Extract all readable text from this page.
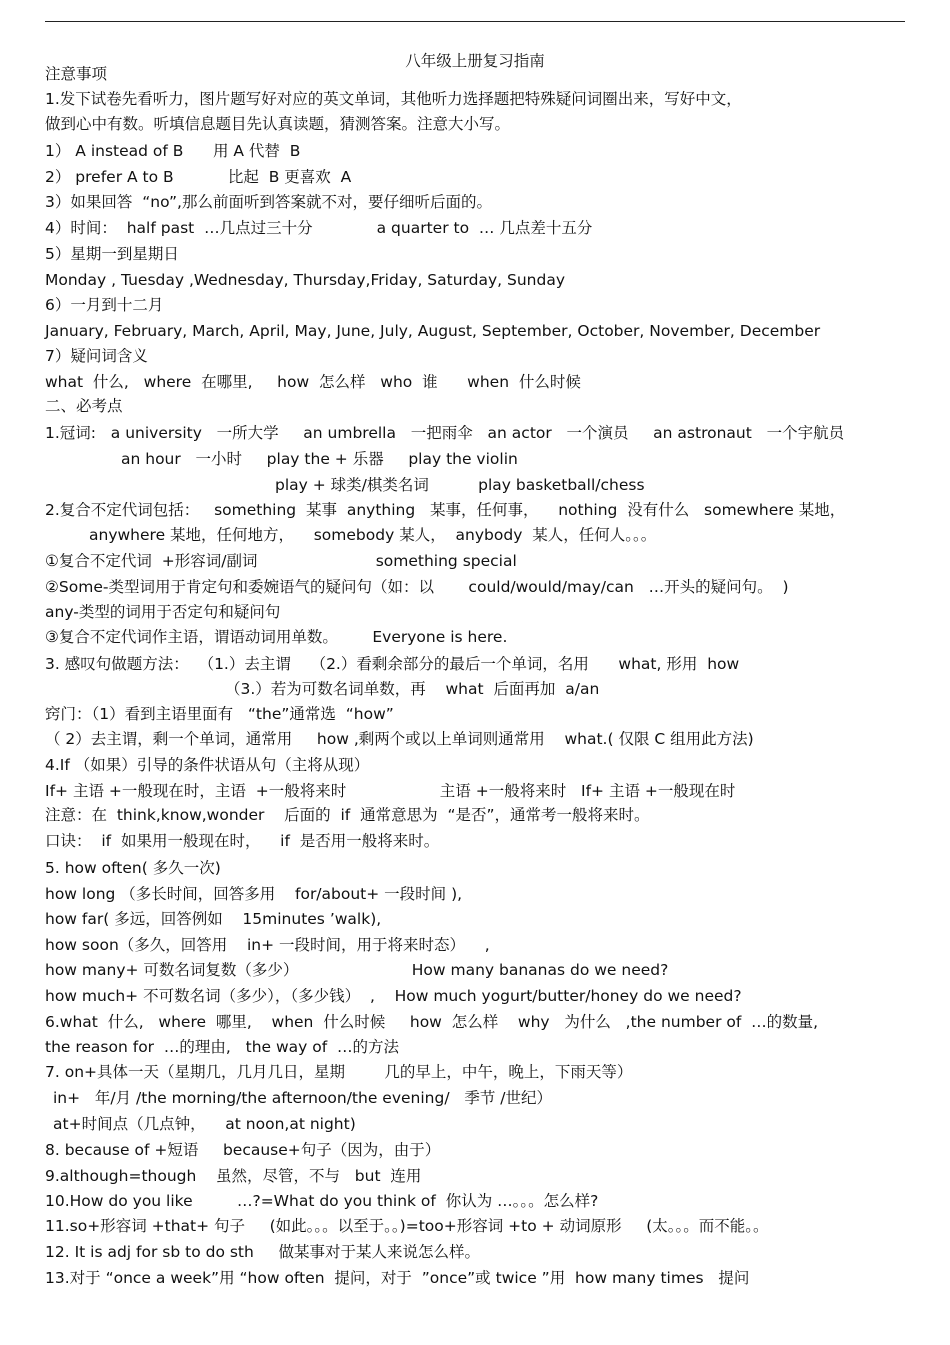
八年级上册复习指南
注意事项
1.发下试卷先看听力，图片题写好对应的英文单词，其他听力选择题把特殊疑问词圈出来，写好中文，
做到心中有数。听填信息题目先认真读题，猜测答案。注意大小写。
1） A instead of B      用 A 代替  B
2） prefer A to B           比起  B 更喜欢  A
3）如果回答  “no”,那么前面听到答案就不对，要仔细听后面的。
4）时间：  half past  …几点过三十分             a quarter to  … 几点差十五分
5）星期一到星期日
Monday , Tuesday ,Wednesday, Thursday,Friday, Saturday, Sunday
6）一月到十二月
January, February, March, April, May, June, July, August, September, October, November, December
7）疑问词含义
what  什么,   where  在哪里,     how  怎么样   who  谁      when  什么时候
二、必考点
1.冠词:   a university   一所大学     an umbrella   一把雨伞   an actor   一个演员     an astronaut   一个宇航员
an hour   一小时     play the + 乐器     play the violin
play + 球类/棋类名词          play basketball/chess
2.复合不定代词包括：   something  某事  anything   某事，任何事，    nothing  没有什么   somewhere 某地，
anywhere 某地，任何地方，    somebody 某人，  anybody  某人，任何人。。。
①复合不定代词  +形容词/副词                        something special
②Some-类型词用于肯定句和委婉语气的疑问句（如：以       could/would/may/can   …开头的疑问句。  )
any-类型的词用于否定句和疑问句
③复合不定代词作主语，谓语动词用单数。       Everyone is here.
3. 感叹句做题方法：  （1.）去主谓    （2.）看剩余部分的最后一个单词，名用      what, 形用  how
（3.）若为可数名词单数，再    what  后面再加  a/an
窍门：（1）看到主语里面有   “the”通常选  “how”
（ 2）去主谓，剩一个单词，通常用     how ,剩两个或以上单词则通常用    what.( 仅限 C 组用此方法)
4.If （如果）引导的条件状语从句（主将从现）
If+ 主语 +一般现在时，主语  +一般将来时                   主语 +一般将来时   If+ 主语 +一般现在时
注意：在  think,know,wonder    后面的  if  通常意思为  “是否”，通常考一般将来时。
口诀：  if  如果用一般现在时，    if  是否用一般将来时。
5. how often( 多久一次)
how long （多长时间，回答多用    for/about+ 一段时间 ),
how far( 多远，回答例如    15minutes ’walk),
how soon（多久，回答用    in+ 一段时间，用于将来时态）    ,
how many+ 可数名词复数（多少）                       How many bananas do we need?
how much+ 不可数名词（多少），（多少钱）  ,    How much yogurt/butter/honey do we need?
6.what  什么,   where  哪里,    when  什么时候     how  怎么样    why   为什么   ,the number of  …的数量,
the reason for  …的理由,   the way of  …的方法
7. on+具体一天（星期几，几月几日，星期        几的早上，中午，晚上，下雨天等）
in+   年/月 /the morning/the afternoon/the evening/   季节 /世纪）
at+时间点（几点钟，    at noon,at night)
8. because of +短语     because+句子（因为，由于）
9.although=though    虽然，尽管，不与   but  连用
10.How do you like         …?=What do you think of  你认为 …。。。怎么样?
11.so+形容词 +that+ 句子     (如此。。。以至于。。)=too+形容词 +to + 动词原形     (太。。。而不能。。
12. It is adj for sb to do sth     做某事对于某人来说怎么样。
13.对于 “once a week”用 “how often  提问，对于  ”once”或 twice ”用  how many times   提问
